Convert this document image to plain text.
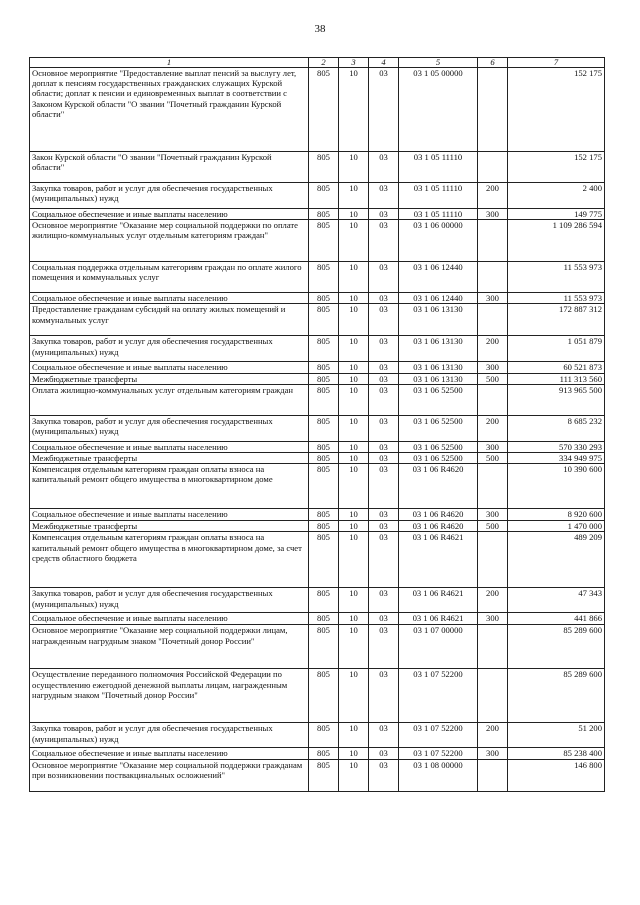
38
1	2	3	4	5	6	7
Основное мероприятие "Предоставление выплат пенсий за выслугу лет, доплат к пенсиям государственных гражданских служащих Курской области; доплат к пенсии и единовременных выплат в соответствии с Законом Курской области "О звании "Почетный гражданин Курской области"	805	10	03	03 1 05 00000		152 175
Закон Курской области "О звании "Почетный гражданин Курской области"	805	10	03	03 1 05 11110		152 175
Закупка товаров, работ и услуг для обеспечения государственных (муниципальных) нужд	805	10	03	03 1 05 11110	200	2 400
Социальное обеспечение и иные выплаты населению	805	10	03	03 1 05 11110	300	149 775
Основное мероприятие "Оказание мер социальной поддержки по оплате жилищно-коммунальных услуг отдельным категориям граждан"	805	10	03	03 1 06 00000		1 109 286 594
Социальная поддержка отдельным категориям граждан по оплате жилого помещения и коммунальных услуг	805	10	03	03 1 06 12440		11 553 973
Социальное обеспечение и иные выплаты населению	805	10	03	03 1 06 12440	300	11 553 973
Предоставление гражданам субсидий на оплату жилых помещений и коммунальных услуг	805	10	03	03 1 06 13130		172 887 312
Закупка товаров, работ и услуг для обеспечения государственных (муниципальных) нужд	805	10	03	03 1 06 13130	200	1 051 879
Социальное обеспечение и иные выплаты населению	805	10	03	03 1 06 13130	300	60 521 873
Межбюджетные трансферты	805	10	03	03 1 06 13130	500	111 313 560
Оплата жилищно-коммунальных услуг отдельным категориям граждан	805	10	03	03 1 06 52500		913 965 500
Закупка товаров, работ и услуг для обеспечения государственных (муниципальных) нужд	805	10	03	03 1 06 52500	200	8 685 232
Социальное обеспечение и иные выплаты населению	805	10	03	03 1 06 52500	300	570 330 293
Межбюджетные трансферты	805	10	03	03 1 06 52500	500	334 949 975
Компенсация отдельным категориям граждан оплаты взноса на капитальный ремонт общего имущества в многоквартирном доме	805	10	03	03 1 06 R4620		10 390 600
Социальное обеспечение и иные выплаты населению	805	10	03	03 1 06 R4620	300	8 920 600
Межбюджетные трансферты	805	10	03	03 1 06 R4620	500	1 470 000
Компенсация отдельным категориям граждан оплаты взноса на капитальный ремонт общего имущества в многоквартирном доме, за счет средств областного бюджета	805	10	03	03 1 06 R4621		489 209
Закупка товаров, работ и услуг для обеспечения государственных (муниципальных) нужд	805	10	03	03 1 06 R4621	200	47 343
Социальное обеспечение и иные выплаты населению	805	10	03	03 1 06 R4621	300	441 866
Основное мероприятие "Оказание мер социальной поддержки лицам, награжденным нагрудным знаком "Почетный донор России"	805	10	03	03 1 07 00000		85 289 600
Осуществление переданного полномочия Российской Федерации по осуществлению ежегодной денежной выплаты лицам, награжденным нагрудным знаком "Почетный донор России"	805	10	03	03 1 07 52200		85 289 600
Закупка товаров, работ и услуг для обеспечения государственных (муниципальных) нужд	805	10	03	03 1 07 52200	200	51 200
Социальное обеспечение и иные выплаты населению	805	10	03	03 1 07 52200	300	85 238 400
Основное мероприятие "Оказание мер социальной поддержки гражданам при возникновении поствакцинальных осложнений"	805	10	03	03 1 08 00000		146 800
